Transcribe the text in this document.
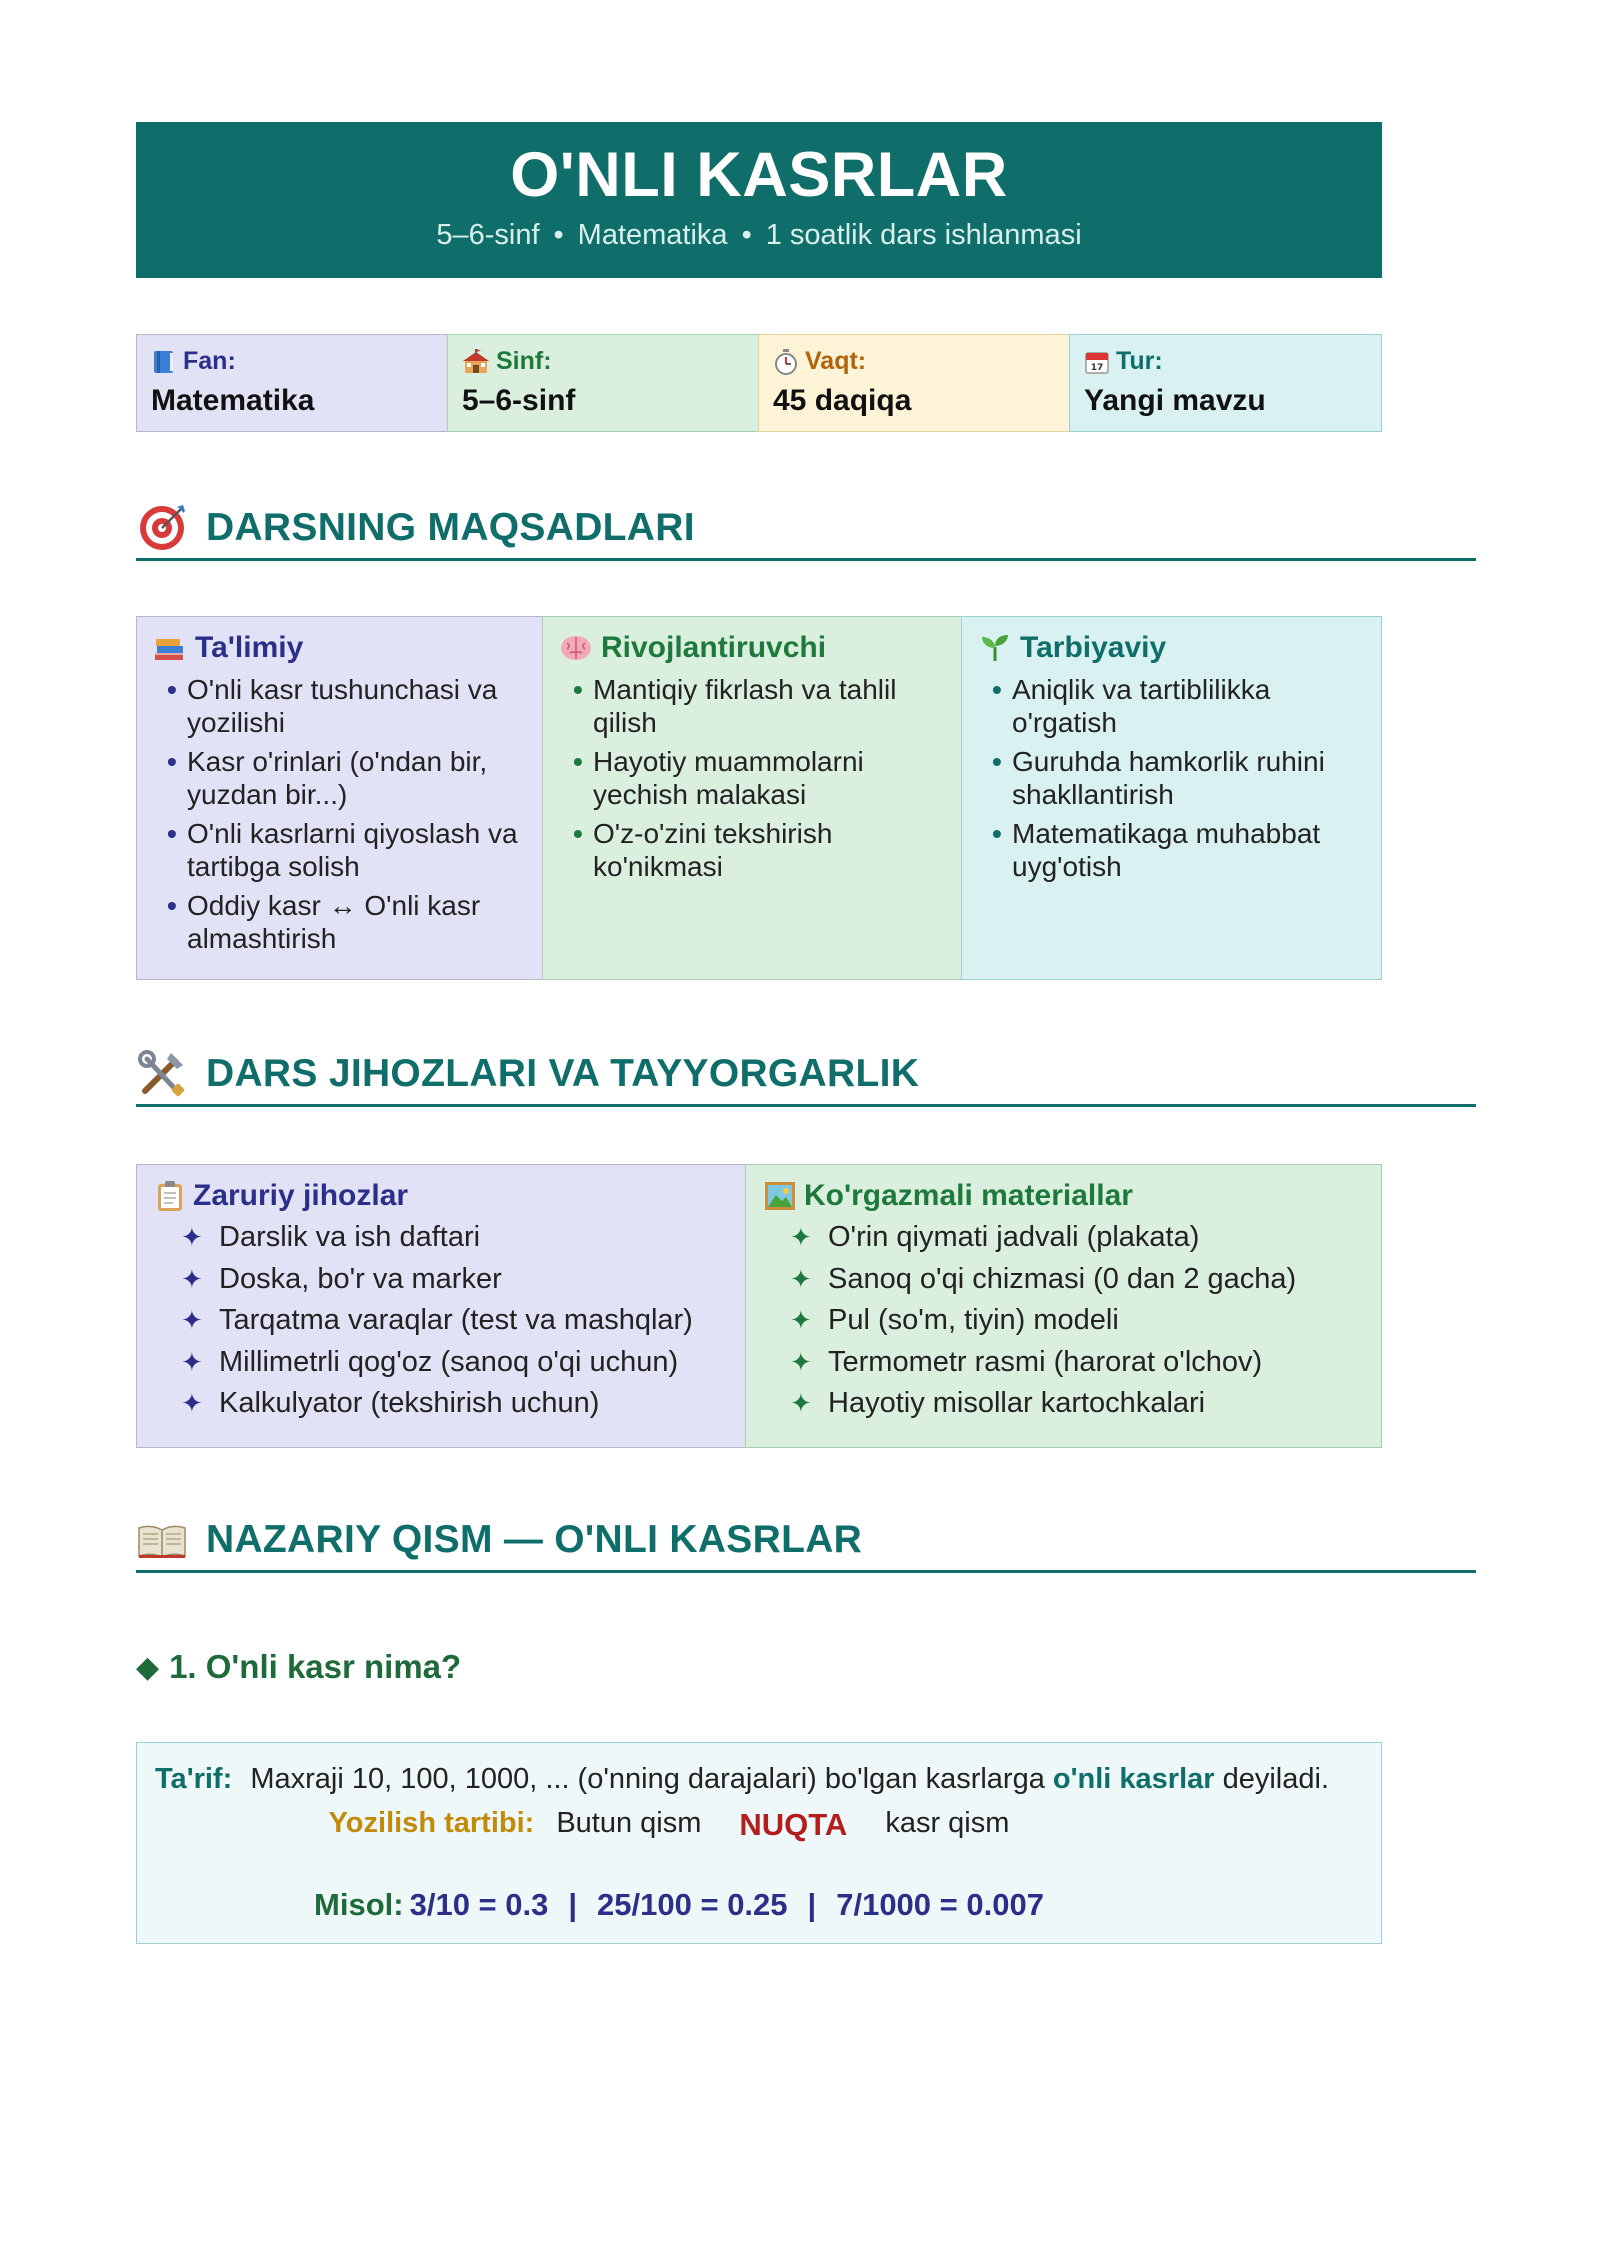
O'NLI KASRLAR
5–6-sinf • Matematika • 1 soatlik dars ishlanmasi
Fan:
Matematika
Sinf:
5–6-sinf
Vaqt:
45 daqiqa
17 Tur:
Yangi mavzu
DARSNING MAQSADLARI
Ta'limiy
• O'nli kasr tushunchasi va yozilishi
• Kasr o'rinlari (o'ndan bir, yuzdan bir...)
• O'nli kasrlarni qiyoslash va tartibga solish
• Oddiy kasr ↔ O'nli kasr almashtirish
Rivojlantiruvchi
• Mantiqiy fikrlash va tahlil qilish
• Hayotiy muammolarni yechish malakasi
• O'z-o'zini tekshirish ko'nikmasi
Tarbiyaviy
• Aniqlik va tartiblilikka o'rgatish
• Guruhda hamkorlik ruhini shakllantirish
• Matematikaga muhabbat uyg'otish
DARS JIHOZLARI VA TAYYORGARLIK
Zaruriy jihozlar
✦ Darslik va ish daftari
✦ Doska, bo'r va marker
✦ Tarqatma varaqlar (test va mashqlar)
✦ Millimetrli qog'oz (sanoq o'qi uchun)
✦ Kalkulyator (tekshirish uchun)
Ko'rgazmali materiallar
✦ O'rin qiymati jadvali (plakata)
✦ Sanoq o'qi chizmasi (0 dan 2 gacha)
✦ Pul (so'm, tiyin) modeli
✦ Termometr rasmi (harorat o'lchov)
✦ Hayotiy misollar kartochkalari
NAZARIY QISM — O'NLI KASRLAR
◆ 1. O'nli kasr nima?
Ta'rif: Maxraji 10, 100, 1000, ... (o'nning darajalari) bo'lgan kasrlarga o'nli kasrlar deyiladi.
Yozilish tartibi: Butun qism NUQTA kasr qism
Misol: 3/10 = 0.3 | 25/100 = 0.25 | 7/1000 = 0.007
